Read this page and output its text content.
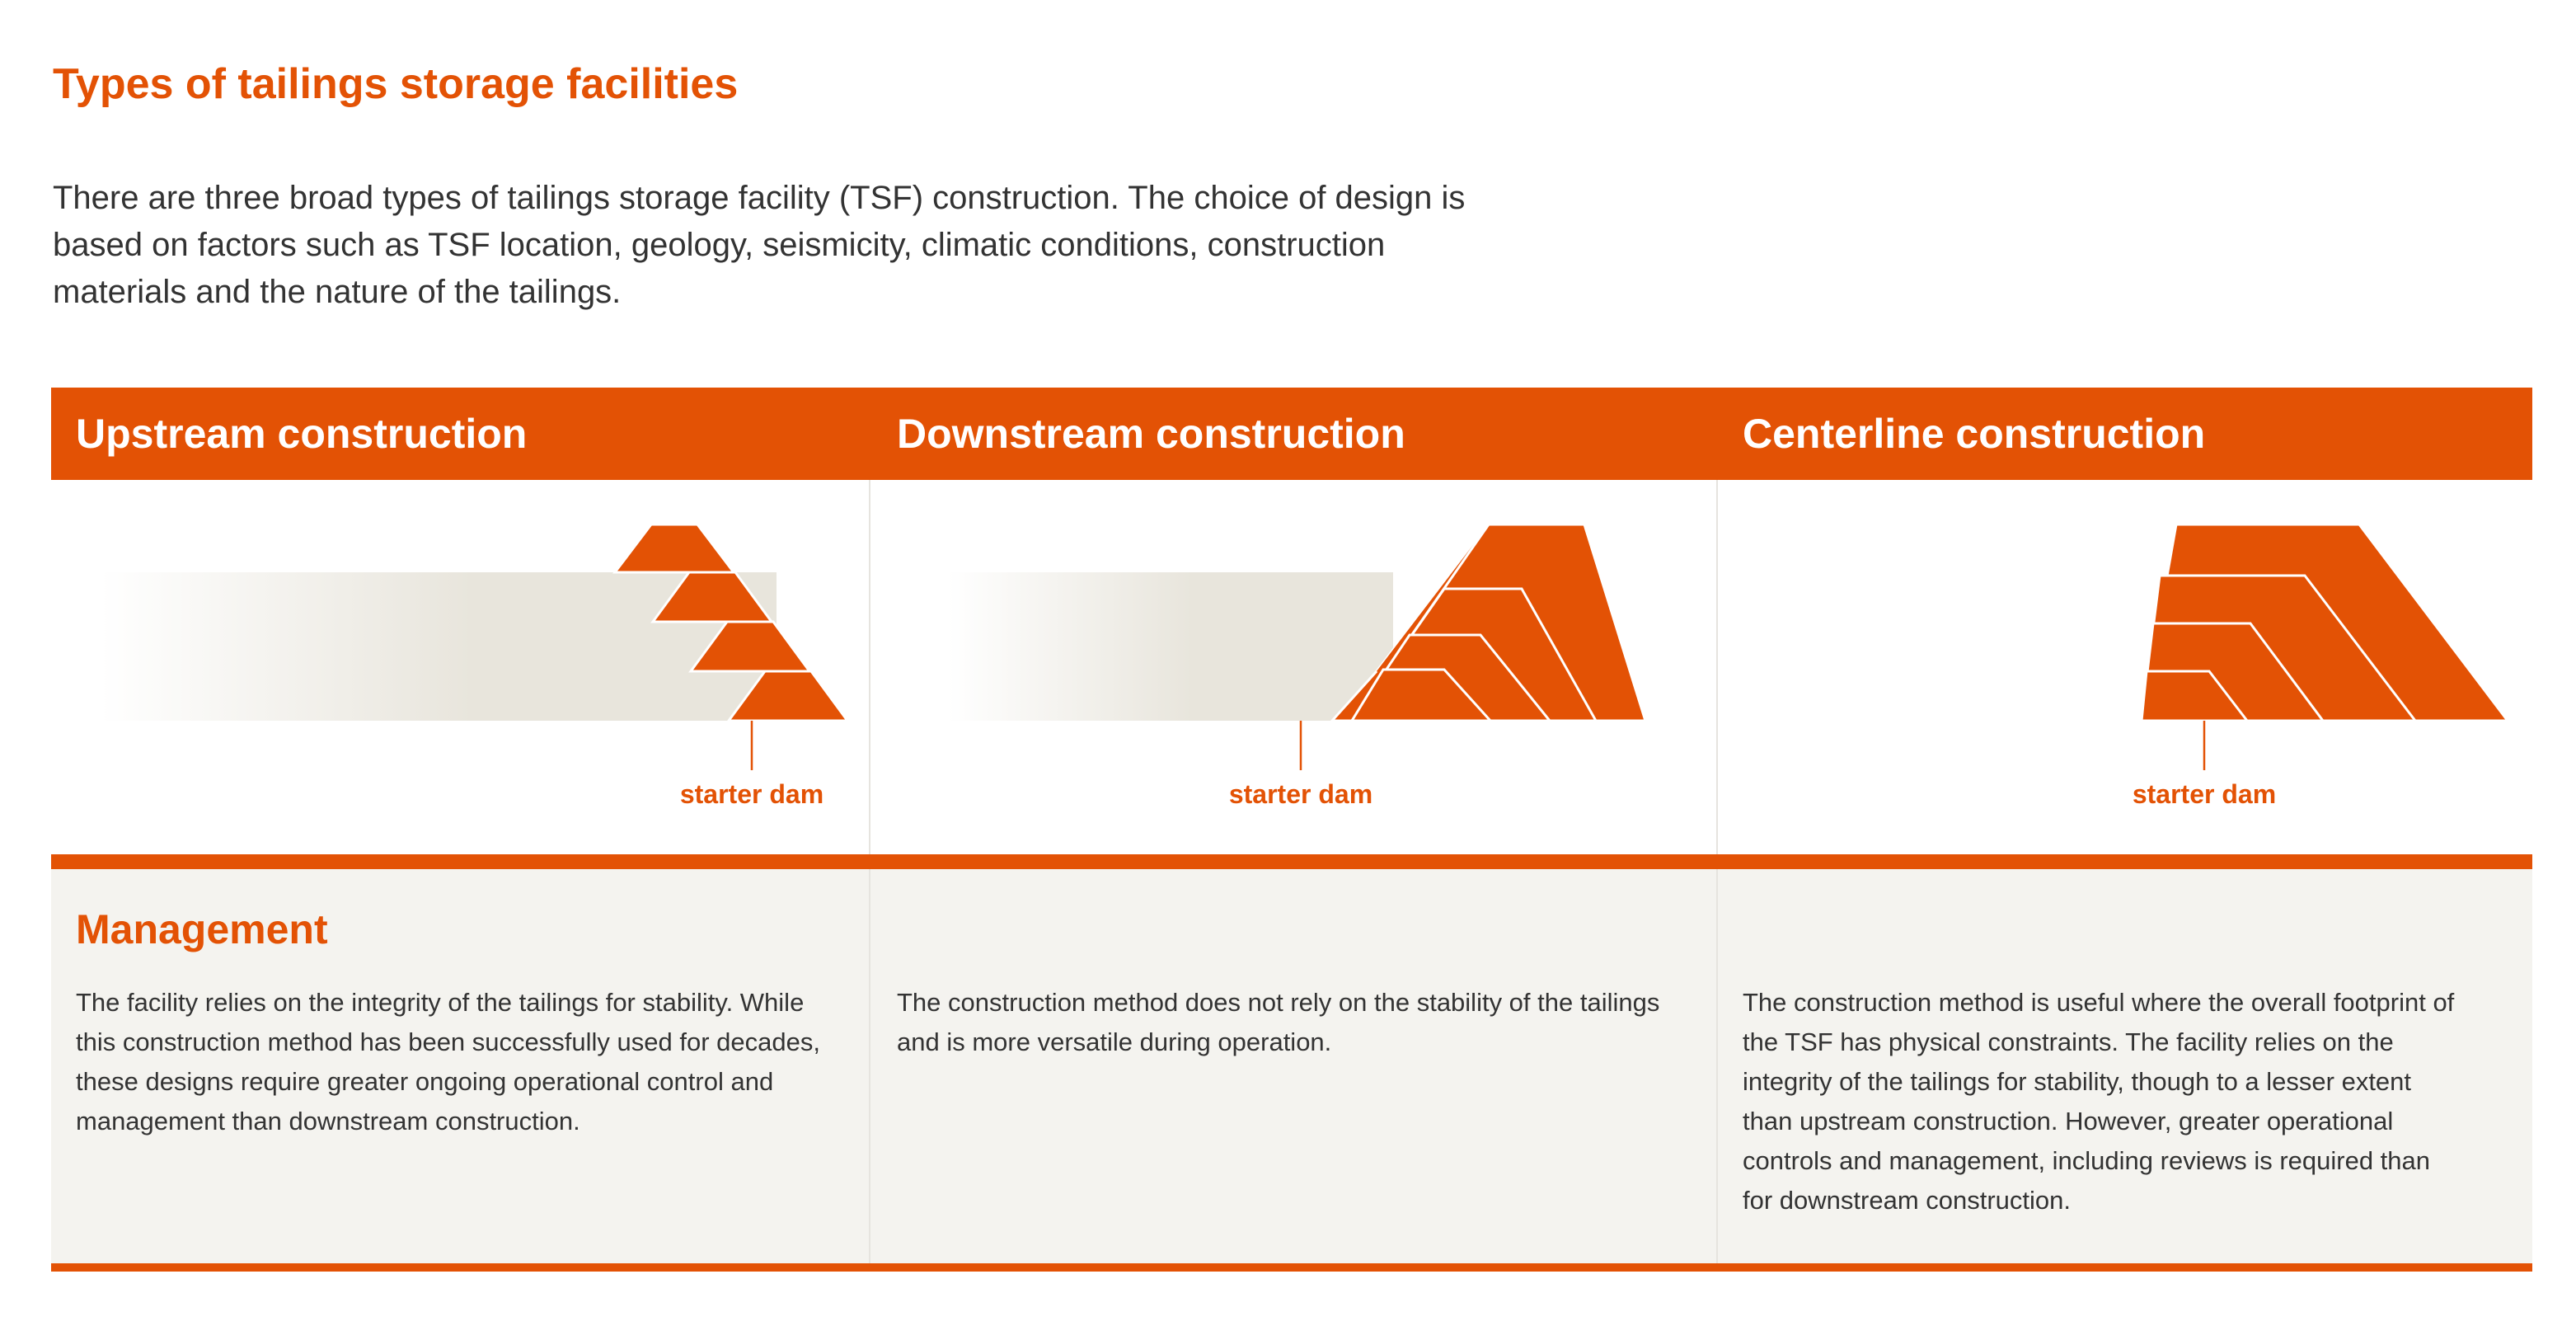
Types of tailings storage facilities

There are three broad types of tailings storage facility (TSF) construction. The choice of design is based on factors such as TSF location, geology, seismicity, climatic conditions, construction materials and the nature of the tailings.

Upstream construction	Downstream construction	Centerline construction
starter dam	starter dam	starter dam
Management

The facility relies on the integrity of the tailings for stability. While this construction method has been successfully used for decades, these designs require greater ongoing operational control and management than downstream construction.

The construction method does not rely on the stability of the tailings and is more versatile during operation.

The construction method is useful where the overall footprint of the TSF has physical constraints. The facility relies on the integrity of the tailings for stability, though to a lesser extent than upstream construction. However, greater operational controls and management, including reviews is required than for downstream construction.
